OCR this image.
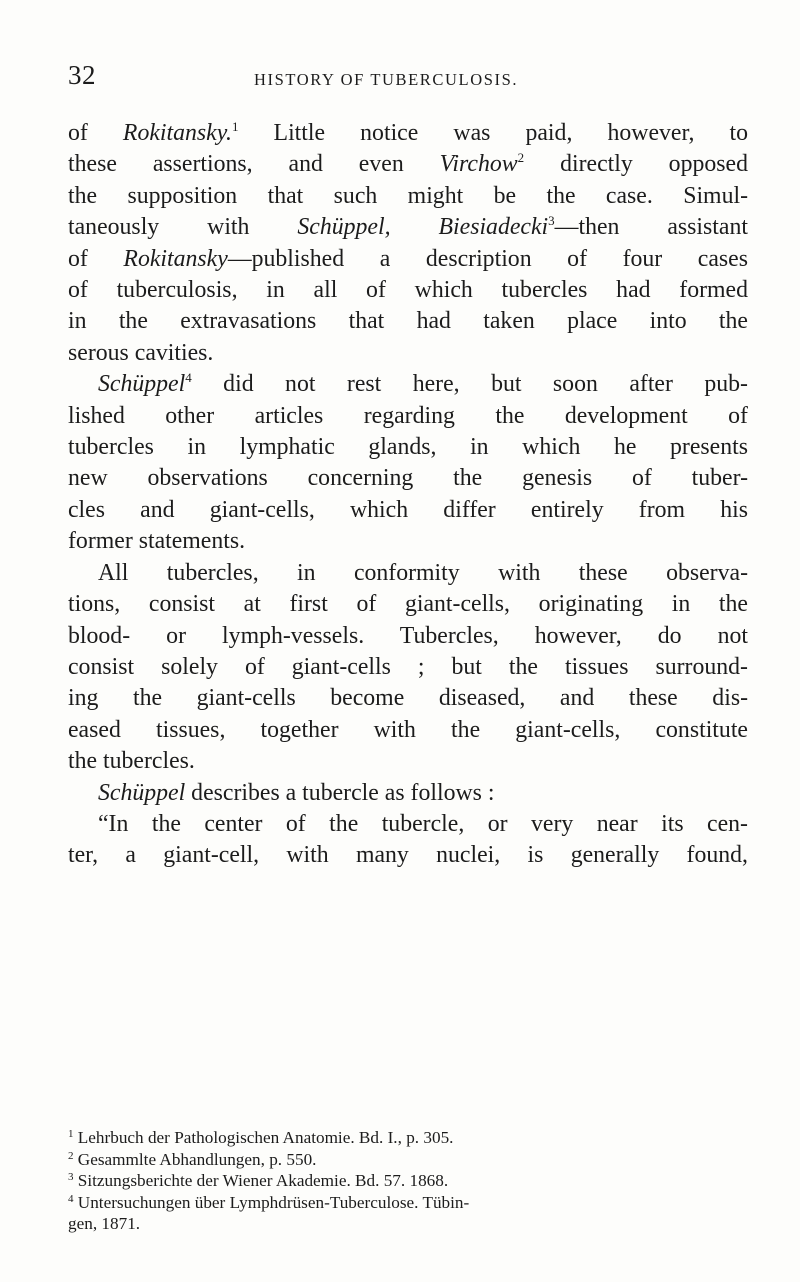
32	HISTORY OF TUBERCULOSIS.
of Rokitansky.$^1$ Little notice was paid, however, to
these assertions, and even Virchow$^2$ directly opposed
the supposition that such might be the case. Simul-
taneously with Schüppel, Biesiadecki$^3$—then assistant
of Rokitansky—published a description of four cases
of tuberculosis, in all of which tubercles had formed
in the extravasations that had taken place into the
serous cavities.
Schüppel$^4$ did not rest here, but soon after pub-
lished other articles regarding the development of
tubercles in lymphatic glands, in which he presents
new observations concerning the genesis of tuber-
cles and giant-cells, which differ entirely from his
former statements.
All tubercles, in conformity with these observa-
tions, consist at first of giant-cells, originating in the
blood- or lymph-vessels. Tubercles, however, do not
consist solely of giant-cells ; but the tissues surround-
ing the giant-cells become diseased, and these dis-
eased tissues, together with the giant-cells, constitute
the tubercles.
Schüppel describes a tubercle as follows :
“In the center of the tubercle, or very near its cen-
ter, a giant-cell, with many nuclei, is generally found,
$^1$ Lehrbuch der Pathologischen Anatomie. Bd. I., p. 305.
$^2$ Gesammlte Abhandlungen, p. 550.
$^3$ Sitzungsberichte der Wiener Akademie. Bd. 57. 1868.
$^4$ Untersuchungen über Lymphdrüsen-Tuberculose. Tübin-
gen, 1871.
